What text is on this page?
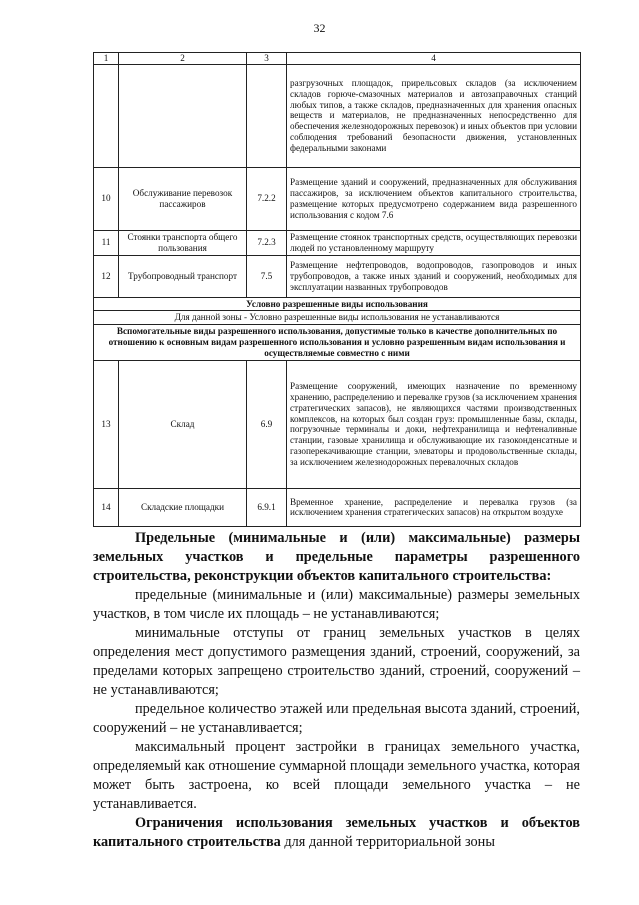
32
1	2	3	4
			разгрузочных площадок, прирельсовых складов (за исключением складов горюче-смазочных материалов и автозаправочных станций любых типов, а также складов, предназначенных для хранения опасных веществ и материалов, не предназначенных непосредственно для обеспечения железнодорожных перевозок) и иных объектов при условии соблюдения требований безопасности движения, установленных федеральными законами
10	Обслуживание перевозок пассажиров	7.2.2	Размещение зданий и сооружений, предназначенных для обслуживания пассажиров, за исключением объектов капитального строительства, размещение которых предусмотрено содержанием вида разрешенного использования с кодом 7.6
11	Стоянки транспорта общего пользования	7.2.3	Размещение стоянок транспортных средств, осуществляющих перевозки людей по установленному маршруту
12	Трубопроводный транспорт	7.5	Размещение нефтепроводов, водопроводов, газопроводов и иных трубопроводов, а также иных зданий и сооружений, необходимых для эксплуатации названных трубопроводов
Условно разрешенные виды использования			
Для данной зоны - Условно разрешенные виды использования не устанавливаются			
Вспомогательные виды разрешенного использования, допустимые только в качестве дополнительных по отношению к основным видам разрешенного использования и условно разрешенным видам использования и осуществляемые совместно с ними			
13	Склад	6.9	Размещение сооружений, имеющих назначение по временному хранению, распределению и перевалке грузов (за исключением хранения стратегических запасов), не являющихся частями производственных комплексов, на которых был создан груз: промышленные базы, склады, погрузочные терминалы и доки, нефтехранилища и нефтеналивные станции, газовые хранилища и обслуживающие их газоконденсатные и газоперекачивающие станции, элеваторы и продовольственные склады, за исключением железнодорожных перевалочных складов
14	Складские площадки	6.9.1	Временное хранение, распределение и перевалка грузов (за исключением хранения стратегических запасов) на открытом воздухе

Предельные (минимальные и (или) максимальные) размеры земельных участков и предельные параметры разрешенного строительства, реконструкции объектов капитального строительства:

предельные (минимальные и (или) максимальные) размеры земельных участков, в том числе их площадь – не устанавливаются;

минимальные отступы от границ земельных участков в целях определения мест допустимого размещения зданий, строений, сооружений, за пределами которых запрещено строительство зданий, строений, сооружений – не устанавливаются;

предельное количество этажей или предельная высота зданий, строений, сооружений – не устанавливается;

максимальный процент застройки в границах земельного участка, определяемый как отношение суммарной площади земельного участка, которая может быть застроена, ко всей площади земельного участка – не устанавливается.

Ограничения использования земельных участков и объектов капитального строительства для данной территориальной зоны
